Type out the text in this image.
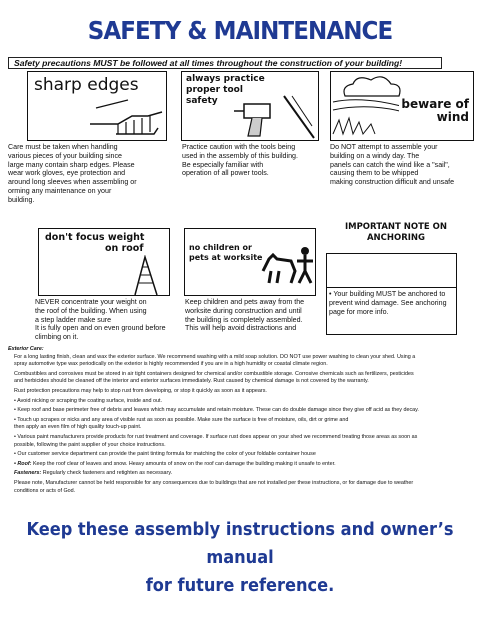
SAFETY & MAINTENANCE
Safety precautions MUST be followed at all times throughout the construction of your building!
sharp edges
Care must be taken when handling
various pieces of your building since
large many contain sharp edges. Please
wear work gloves, eye protection and
around long sleeves when assembling or
orming any maintenance on your
building.
always practice
proper tool
safety
Practice caution with the tools being
used in the assembly of this building.
Be especially familiar with
operation of all power tools.
beware of
wind
Do NOT attempt to assemble your
building on a windy day. The
panels can catch the wind like a "sail",
causing them to be whipped
making construction difficult and unsafe
don't focus weight
on roof
NEVER concentrate your weight on
the roof of the building. When using
a step ladder make sure
It is fully open and on even ground before
climbing on it.
no children or
pets at worksite
Keep children and pets away from the
worksite during construction and until
the building is completely assembled.
This will help avoid distractions and
IMPORTANT NOTE ON
ANCHORING
• Your building MUST be anchored to
prevent wind damage. See anchoring
page for more info.
Exterior Care:
For a long lasting finish, clean and wax the exterior surface. We recommend washing with a mild soap solution. DO NOT use power washing to clean your shed. Using a
spray automotive type wax periodically on the exterior is highly recommended if you are in a high humidity or coastal climate region.
Combustibles and corrosives must be stored in air tight containers designed for chemical and/or combustible storage. Corrosive chemicals such as fertilizers, pesticides
and herbicides should be cleaned off the interior and exterior surfaces immediately. Rust caused by chemical damage is not covered by the warranty.
Rust protection precautions may help to stop rust from developing, or stop it quickly as soon as it appears.
• Avoid nicking or scraping the coating surface, inside and out.
• Keep roof and base perimeter free of debris and leaves which may accumulate and retain moisture. These can do double damage since they give off acid as they decay.
• Touch up scrapes or nicks and any area of visible rust as soon as possible. Make sure the surface is free of moisture, oils, dirt or grime and
then apply an even film of high quality touch-up paint.
• Various paint manufacturers provide products for rust treatment and coverage. If surface rust does appear on your shed we recommend treating those areas as soon as
possible, following the paint supplier of your choice instructions.
• Our customer service department can provide the paint tinting formula for matching the color of your foldable container house
• Roof: Keep the roof clear of leaves and snow. Heavy amounts of snow on the roof can damage the building making it unsafe to enter.
Fasteners: Regularly check fasteners and retighten as necessary.
Please note, Manufacturer cannot be held responsible for any consequences due to buildings that are not installed per these instructions, or for damage due to weather
conditions or acts of God.
Keep these assembly instructions and owner’s manual
for future reference.
